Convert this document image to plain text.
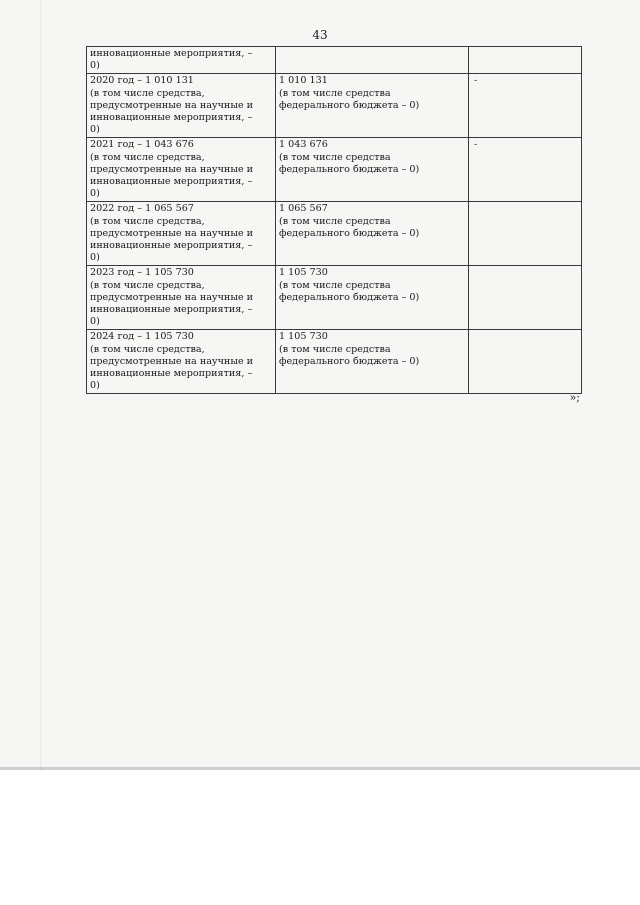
43
инновационные мероприятия, –
0)		

2020 год – 1 010 131
(в том числе средства,
предусмотренные на научные и
инновационные мероприятия, –
0)	1 010 131
(в том числе средства
федерального бюджета – 0)	-

2021 год – 1 043 676
(в том числе средства,
предусмотренные на научные и
инновационные мероприятия, –
0)	1 043 676
(в том числе средства
федерального бюджета – 0)	-

2022 год – 1 065 567
(в том числе средства,
предусмотренные на научные и
инновационные мероприятия, –
0)	1 065 567
(в том числе средства
федерального бюджета – 0)	

2023 год – 1 105 730
(в том числе средства,
предусмотренные на научные и
инновационные мероприятия, –
0)	1 105 730
(в том числе средства
федерального бюджета – 0)	

2024 год – 1 105 730
(в том числе средства,
предусмотренные на научные и
инновационные мероприятия, –
0)	1 105 730
(в том числе средства
федерального бюджета – 0)	

»;
